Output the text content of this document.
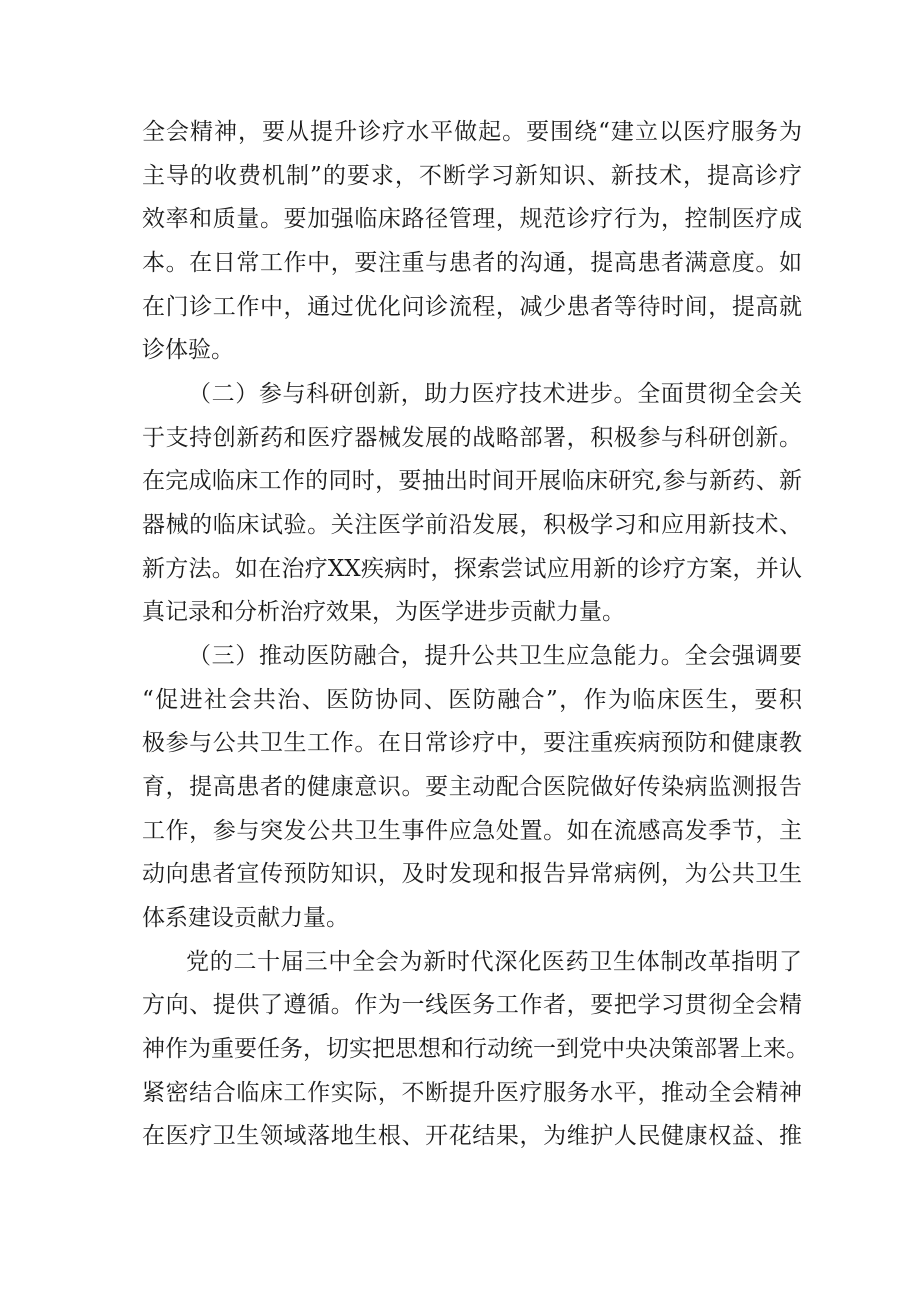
全会精神，要从提升诊疗水平做起。要围绕“建立以医疗服务为
主导的收费机制”的要求，不断学习新知识、新技术，提高诊疗
效率和质量。要加强临床路径管理，规范诊疗行为，控制医疗成
本。在日常工作中，要注重与患者的沟通，提高患者满意度。如
在门诊工作中，通过优化问诊流程，减少患者等待时间，提高就
诊体验。
（二）参与科研创新，助力医疗技术进步。全面贯彻全会关
于支持创新药和医疗器械发展的战略部署，积极参与科研创新。
在完成临床工作的同时，要抽出时间开展临床研究,参与新药、新
器械的临床试验。关注医学前沿发展，积极学习和应用新技术、
新方法。如在治疗XX疾病时，探索尝试应用新的诊疗方案，并认
真记录和分析治疗效果，为医学进步贡献力量。
（三）推动医防融合，提升公共卫生应急能力。全会强调要
“促进社会共治、医防协同、医防融合”，作为临床医生，要积
极参与公共卫生工作。在日常诊疗中，要注重疾病预防和健康教
育，提高患者的健康意识。要主动配合医院做好传染病监测报告
工作，参与突发公共卫生事件应急处置。如在流感高发季节，主
动向患者宣传预防知识，及时发现和报告异常病例，为公共卫生
体系建设贡献力量。
党的二十届三中全会为新时代深化医药卫生体制改革指明了
方向、提供了遵循。作为一线医务工作者，要把学习贯彻全会精
神作为重要任务，切实把思想和行动统一到党中央决策部署上来。
紧密结合临床工作实际，不断提升医疗服务水平，推动全会精神
在医疗卫生领域落地生根、开花结果，为维护人民健康权益、推
